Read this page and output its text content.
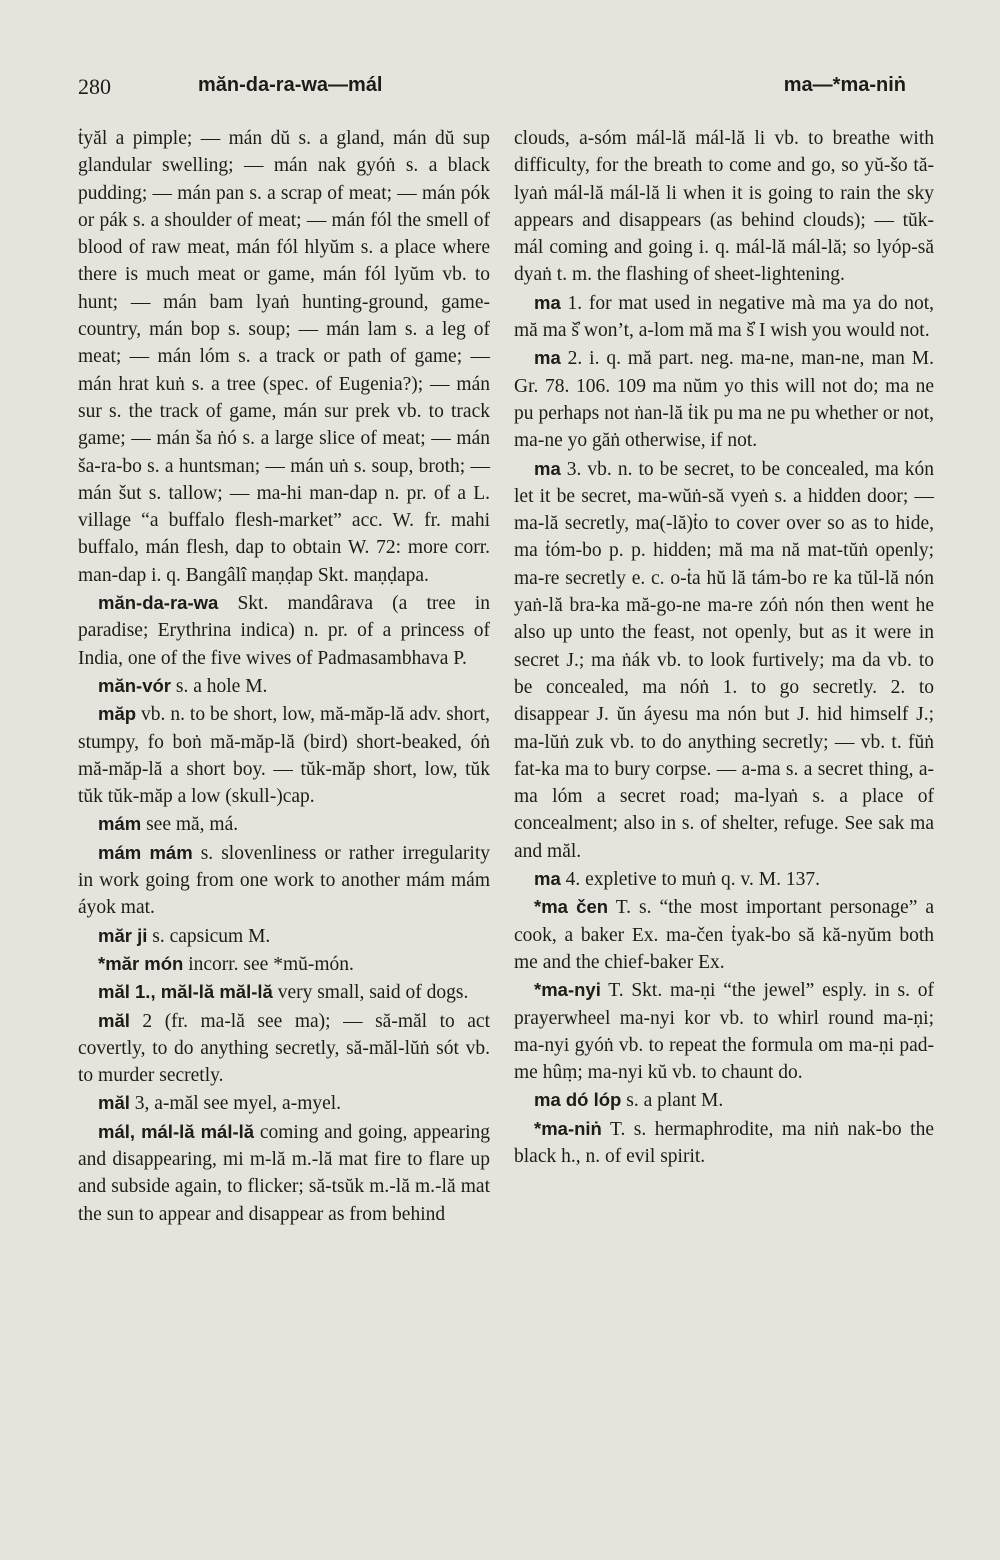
280	măn-da-ra-wa—mál	ma—*ma-niṅ

ṫyăl a pimple; — mán dŭ s. a gland, mán dŭ sup glandular swelling; — mán nak gyóṅ s. a black pudding; — mán pan s. a scrap of meat; — mán pók or pák s. a shoulder of meat; — mán fól the smell of blood of raw meat, mán fól hlyŭm s. a place where there is much meat or game, mán fól lyŭm vb. to hunt; — mán bam lyaṅ hunting-ground, game-country, mán bop s. soup; — mán lam s. a leg of meat; — mán lóm s. a track or path of game; — mán hrat kuṅ s. a tree (spec. of Eugenia?); — mán sur s. the track of game, mán sur prek vb. to track game; — mán ša ṅó s. a large slice of meat; — mán ša-ra-bo s. a huntsman; — mán uṅ s. soup, broth; — mán šut s. tallow; — ma-hi man-dap n. pr. of a L. village “a buffalo flesh-market” acc. W. fr. mahi buffalo, mán flesh, dap to obtain W. 72: more corr. man-dap i. q. Bangâlî maṇḍap Skt. maṇḍapa.

măn-da-ra-wa Skt. mandârava (a tree in paradise; Erythrina indica) n. pr. of a princess of India, one of the five wives of Padmasambhava P.

măn-vór s. a hole M.

măp vb. n. to be short, low, mă-măp-lă adv. short, stumpy, fo boṅ mă-măp-lă (bird) short-beaked, óṅ mă-măp-lă a short boy. — tŭk-măp short, low, tŭk tŭk tŭk-măp a low (skull-)cap.

mám see mă, má.

mám mám s. slovenliness or rather irregularity in work going from one work to another mám mám áyok mat.

măr ji s. capsicum M.

*măr món incorr. see *mŭ-món.

măl 1., măl-lă măl-lă very small, said of dogs.

măl 2 (fr. ma-lă see ma); — să-măl to act covertly, to do anything secretly, să-măl-lŭṅ sót vb. to murder secretly.

măl 3, a-măl see myel, a-myel.

mál, mál-lă mál-lă coming and going, appearing and disappearing, mi m-lă m.-lă mat fire to flare up and subside again, to flicker; să-tsŭk m.-lă m.-lă mat the sun to appear and disappear as from behind

clouds, a-sóm mál-lă mál-lă li vb. to breathe with difficulty, for the breath to come and go, so yŭ-šo tă-lyaṅ mál-lă mál-lă li when it is going to rain the sky appears and disappears (as behind clouds); — tŭk-mál coming and going i. q. mál-lă mál-lă; so lyóp-să dyaṅ t. m. the flashing of sheet-lightening.

ma 1. for mat used in negative mà ma ya do not, mă ma š̓ won’t, a-lom mă ma š̓ I wish you would not.

ma 2. i. q. mă part. neg. ma-ne, man-ne, man M. Gr. 78. 106. 109 ma nŭm yo this will not do; ma ne pu perhaps not ṅan-lă ṫik pu ma ne pu whether or not, ma-ne yo găṅ otherwise, if not.

ma 3. vb. n. to be secret, to be concealed, ma kón let it be secret, ma-wŭṅ-să vyeṅ s. a hidden door; — ma-lă secretly, ma(-lă)ṫo to cover over so as to hide, ma ṫóm-bo p. p. hidden; mă ma nă mat-tŭṅ openly; ma-re secretly e. c. o-ṫa hŭ lă tám-bo re ka tŭl-lă nón yaṅ-lă bra-ka mă-go-ne ma-re zóṅ nón then went he also up unto the feast, not openly, but as it were in secret J.; ma ṅák vb. to look furtively; ma da vb. to be concealed, ma nóṅ 1. to go secretly. 2. to disappear J. ŭn áyesu ma nón but J. hid himself J.; ma-lŭṅ zuk vb. to do anything secretly; — vb. t. fŭṅ fat-ka ma to bury corpse. — a-ma s. a secret thing, a-ma lóm a secret road; ma-lyaṅ s. a place of concealment; also in s. of shelter, refuge. See sak ma and măl.

ma 4. expletive to muṅ q. v. M. 137.

*ma čen T. s. “the most important personage” a cook, a baker Ex. ma-čen ṫyak-bo să kă-nyŭm both me and the chief-baker Ex.

*ma-nyi T. Skt. ma-ṇi “the jewel” esply. in s. of prayerwheel ma-nyi kor vb. to whirl round ma-ṇi; ma-nyi gyóṅ vb. to repeat the formula om ma-ṇi pad-me hûṃ; ma-nyi kŭ vb. to chaunt do.

ma dó lóp s. a plant M.

*ma-niṅ T. s. hermaphrodite, ma niṅ nak-bo the black h., n. of evil spirit.
